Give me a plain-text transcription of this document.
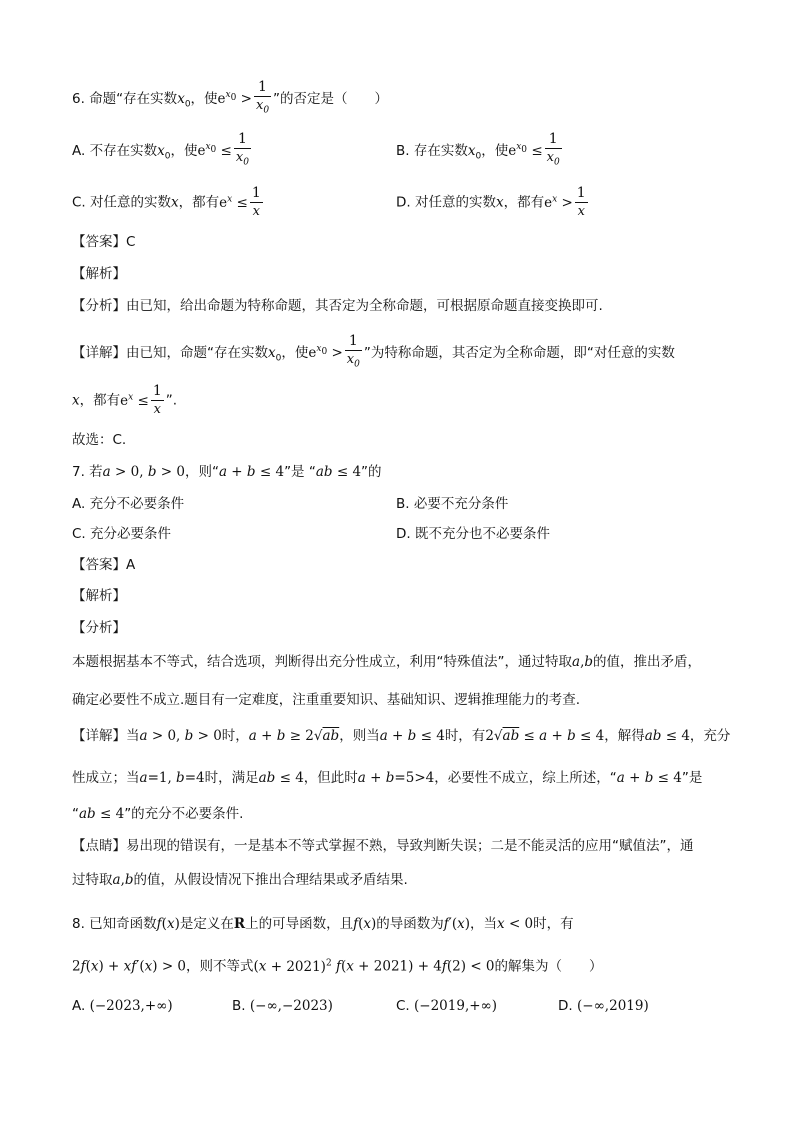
6. 命题“存在实数$x_0$，使$e^{x_0} > \frac{1}{x_0}$ ”的否定是（　　）
A. 不存在实数$x_0$，使$e^{x_0} \le \frac{1}{x_0}$	B. 存在实数$x_0$，使$e^{x_0} \le \frac{1}{x_0}$
C. 对任意的实数x，都有$e^x \le \frac{1}{x}$	D. 对任意的实数x，都有$e^x > \frac{1}{x}$
【答案】C
【解析】
【分析】由已知，给出命题为特称命题，其否定为全称命题，可根据原命题直接变换即可.
【详解】由已知，命题“存在实数$x_0$，使$e^{x_0} > \frac{1}{x_0}$ ”为特称命题，其否定为全称命题，即“对任意的实数
x，都有$e^x \le \frac{1}{x}$ ”.
故选：C.
7. 若a > 0, b > 0，则“a + b ≤ 4”是 “ab ≤ 4”的
A. 充分不必要条件	B. 必要不充分条件
C. 充分必要条件	D. 既不充分也不必要条件
【答案】A
【解析】
【分析】
本题根据基本不等式，结合选项，判断得出充分性成立，利用“特殊值法”，通过特取a,b的值，推出矛盾，
确定必要性不成立.题目有一定难度，注重重要知识、基础知识、逻辑推理能力的考查.
【详解】当a > 0, b > 0时，a + b ≥ 2√ab，则当a + b ≤ 4时，有2√ab ≤ a + b ≤ 4，解得ab ≤ 4，充分
性成立；当a=1, b=4时，满足ab ≤ 4，但此时a + b=5>4，必要性不成立，综上所述，“a + b ≤ 4”是
“ab ≤ 4”的充分不必要条件.
【点睛】易出现的错误有，一是基本不等式掌握不熟，导致判断失误；二是不能灵活的应用“赋值法”，通
过特取a,b的值，从假设情况下推出合理结果或矛盾结果.
8. 已知奇函数f(x)是定义在R上的可导函数，且f(x)的导函数为f′(x)，当x < 0时，有
2f(x) + xf′(x) > 0，则不等式$(x + 2021)^2$ f(x + 2021) + 4f(2) < 0的解集为（　　）
A. (−2023,+∞)	B. (−∞,−2023)	C. (−2019,+∞)	D. (−∞,2019)
